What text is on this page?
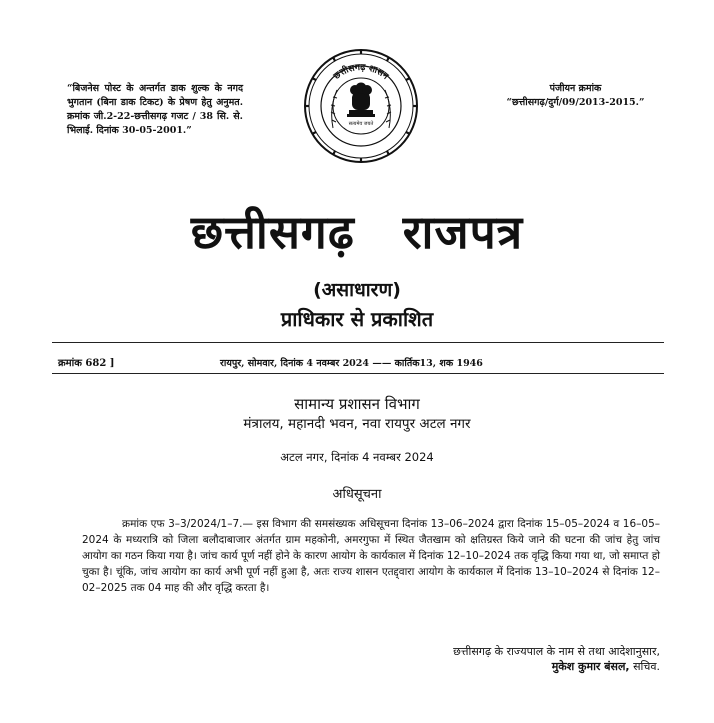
“बिजनेस पोस्ट के अन्तर्गत डाक शुल्क के नगद भुगतान (बिना डाक टिकट) के प्रेषण हेतु अनुमत. क्रमांक जी.2-22-छत्तीसगढ़ गजट / 38 सि. से. भिलाई. दिनांक 30-05-2001.”
पंजीयन क्रमांक
“छत्तीसगढ़/दुर्ग/09/2013-2015.”
छत्तीसगढ़ शासन
सत्यमेव जयते
छत्तीसगढ़ राजपत्र
(असाधारण)
प्राधिकार से प्रकाशित
क्रमांक 682 ]	रायपुर, सोमवार, दिनांक 4 नवम्बर 2024 —— कार्तिक13, शक 1946
सामान्य प्रशासन विभाग
मंत्रालय, महानदी भवन, नवा रायपुर अटल नगर
अटल नगर, दिनांक 4 नवम्बर 2024
अधिसूचना
क्रमांक एफ 3–3/2024/1–7.— इस विभाग की समसंख्यक अधिसूचना दिनांक 13–06–2024 द्वारा दिनांक 15–05–2024 व 16–05–2024 के मध्यरात्रि को जिला बलौदाबाजार अंतर्गत ग्राम महकोनी, अमरगुफा में स्थित जैतखाम को क्षतिग्रस्त किये जाने की घटना की जांच हेतु जांच आयोग का गठन किया गया है। जांच कार्य पूर्ण नहीं होने के कारण आयोग के कार्यकाल में दिनांक 12–10–2024 तक वृद्धि किया गया था, जो समाप्त हो चुका है। चूंकि, जांच आयोग का कार्य अभी पूर्ण नहीं हुआ है, अतः राज्य शासन एतद्द्वारा आयोग के कार्यकाल में दिनांक 13–10–2024 से दिनांक 12–02–2025 तक 04 माह की और वृद्धि करता है।
छत्तीसगढ़ के राज्यपाल के नाम से तथा आदेशानुसार,
मुकेश कुमार बंसल, सचिव.
